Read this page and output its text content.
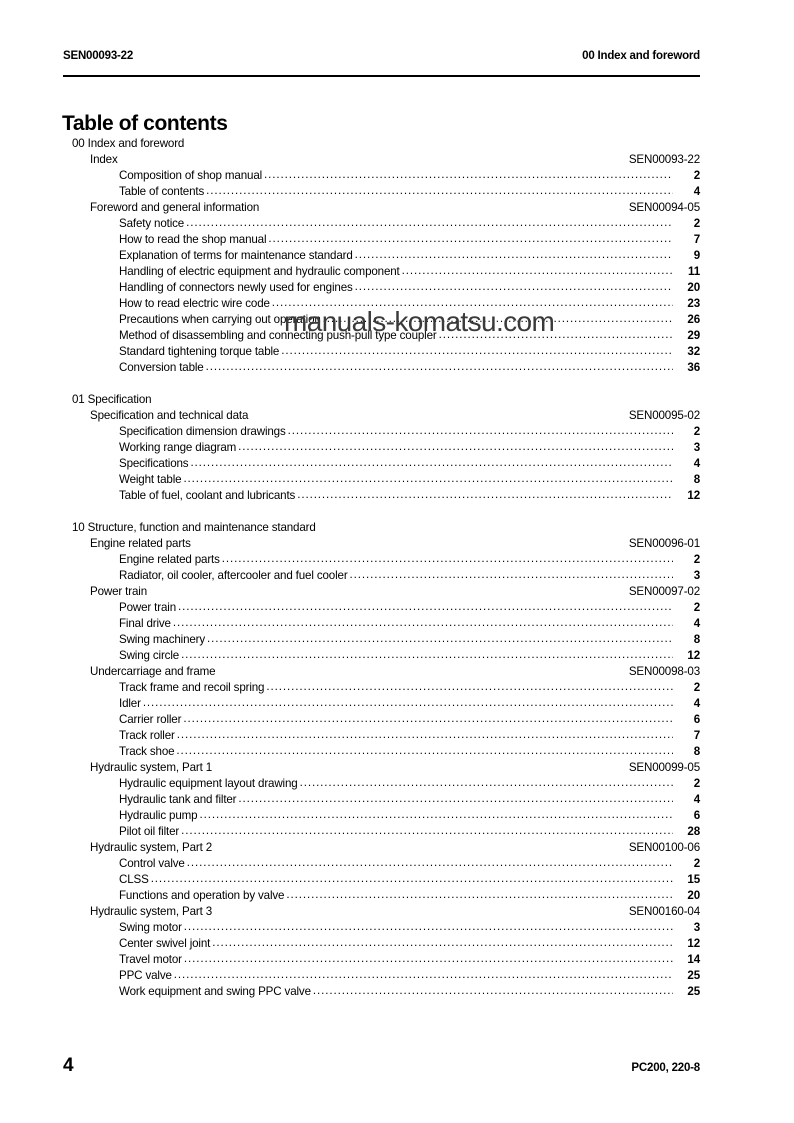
SEN00093-22	00 Index and foreword
Table of contents
00 Index and foreword
Index	SEN00093-22
Composition of shop manual .....	2
Table of contents .....	4
Foreword and general information	SEN00094-05
Safety notice .....	2
How to read the shop manual .....	7
Explanation of terms for maintenance standard .....	9
Handling of electric equipment and hydraulic component .....	11
Handling of connectors newly used for engines .....	20
How to read electric wire code .....	23
Precautions when carrying out operation .....	26
Method of disassembling and connecting push-pull type coupler .....	29
Standard tightening torque table .....	32
Conversion table .....	36
01 Specification
Specification and technical data	SEN00095-02
Specification dimension drawings .....	2
Working range diagram .....	3
Specifications .....	4
Weight table .....	8
Table of fuel, coolant and lubricants .....	12
10 Structure, function and maintenance standard
Engine related parts	SEN00096-01
Engine related parts .....	2
Radiator, oil cooler, aftercooler and fuel cooler .....	3
Power train	SEN00097-02
Power train .....	2
Final drive .....	4
Swing machinery .....	8
Swing circle .....	12
Undercarriage and frame	SEN00098-03
Track frame and recoil spring .....	2
Idler .....	4
Carrier roller .....	6
Track roller .....	7
Track shoe .....	8
Hydraulic system, Part 1	SEN00099-05
Hydraulic equipment layout drawing .....	2
Hydraulic tank and filter .....	4
Hydraulic pump .....	6
Pilot oil filter .....	28
Hydraulic system, Part 2	SEN00100-06
Control valve .....	2
CLSS .....	15
Functions and operation by valve .....	20
Hydraulic system, Part 3	SEN00160-04
Swing motor .....	3
Center swivel joint .....	12
Travel motor .....	14
PPC valve .....	25
Work equipment and swing PPC valve .....	25
manuals-komatsu.com
4	PC200, 220-8
